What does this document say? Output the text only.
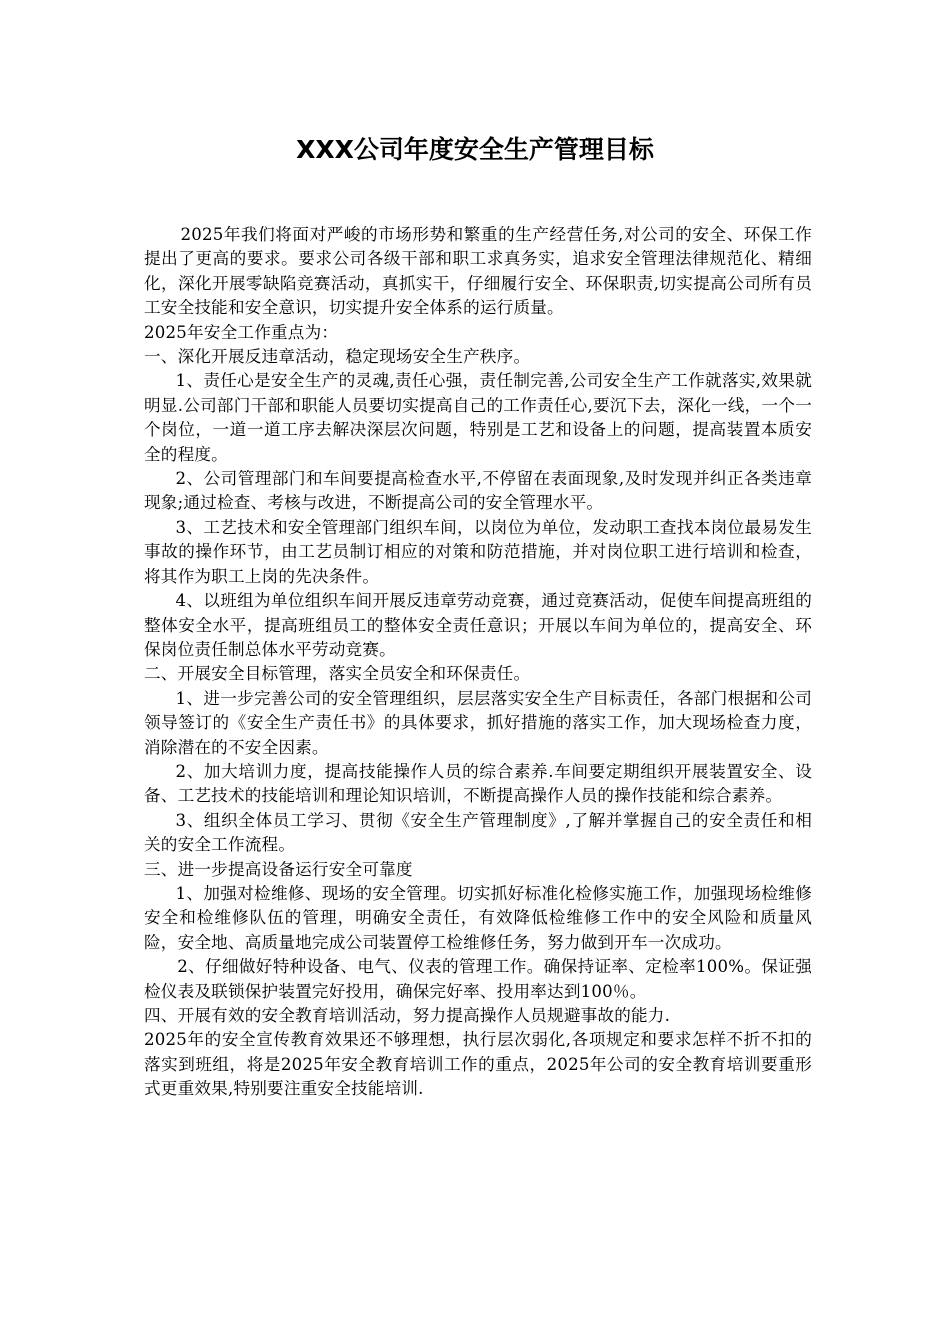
XXX公司年度安全生产管理目标

2025年我们将面对严峻的市场形势和繁重的生产经营任务,对公司的安全、环保工作提出了更高的要求。要求公司各级干部和职工求真务实，追求安全管理法律规范化、精细化，深化开展零缺陷竞赛活动，真抓实干，仔细履行安全、环保职责,切实提高公司所有员工安全技能和安全意识，切实提升安全体系的运行质量。

2025年安全工作重点为：

一、深化开展反违章活动，稳定现场安全生产秩序。

1、责任心是安全生产的灵魂,责任心强，责任制完善,公司安全生产工作就落实,效果就明显.公司部门干部和职能人员要切实提高自己的工作责任心,要沉下去，深化一线，一个一个岗位，一道一道工序去解决深层次问题，特别是工艺和设备上的问题，提高装置本质安全的程度。

2、公司管理部门和车间要提高检查水平,不停留在表面现象,及时发现并纠正各类违章现象;通过检查、考核与改进，不断提高公司的安全管理水平。

3、工艺技术和安全管理部门组织车间，以岗位为单位，发动职工查找本岗位最易发生事故的操作环节，由工艺员制订相应的对策和防范措施，并对岗位职工进行培训和检查，将其作为职工上岗的先决条件。

4、以班组为单位组织车间开展反违章劳动竞赛，通过竞赛活动，促使车间提高班组的整体安全水平，提高班组员工的整体安全责任意识；开展以车间为单位的，提高安全、环保岗位责任制总体水平劳动竞赛。

二、开展安全目标管理，落实全员安全和环保责任。

1、进一步完善公司的安全管理组织，层层落实安全生产目标责任，各部门根据和公司领导签订的《安全生产责任书》的具体要求，抓好措施的落实工作，加大现场检查力度，消除潜在的不安全因素。

2、加大培训力度，提高技能操作人员的综合素养.车间要定期组织开展装置安全、设备、工艺技术的技能培训和理论知识培训，不断提高操作人员的操作技能和综合素养。

3、组织全体员工学习、贯彻《安全生产管理制度》,了解并掌握自己的安全责任和相关的安全工作流程。

三、进一步提高设备运行安全可靠度

1、加强对检维修、现场的安全管理。切实抓好标准化检修实施工作，加强现场检维修安全和检维修队伍的管理，明确安全责任，有效降低检维修工作中的安全风险和质量风险，安全地、高质量地完成公司装置停工检维修任务，努力做到开车一次成功。

2、仔细做好特种设备、电气、仪表的管理工作。确保持证率、定检率100%。保证强检仪表及联锁保护装置完好投用，确保完好率、投用率达到100％。

四、开展有效的安全教育培训活动，努力提高操作人员规避事故的能力.

2025年的安全宣传教育效果还不够理想，执行层次弱化,各项规定和要求怎样不折不扣的落实到班组，将是2025年安全教育培训工作的重点，2025年公司的安全教育培训要重形式更重效果,特别要注重安全技能培训.
